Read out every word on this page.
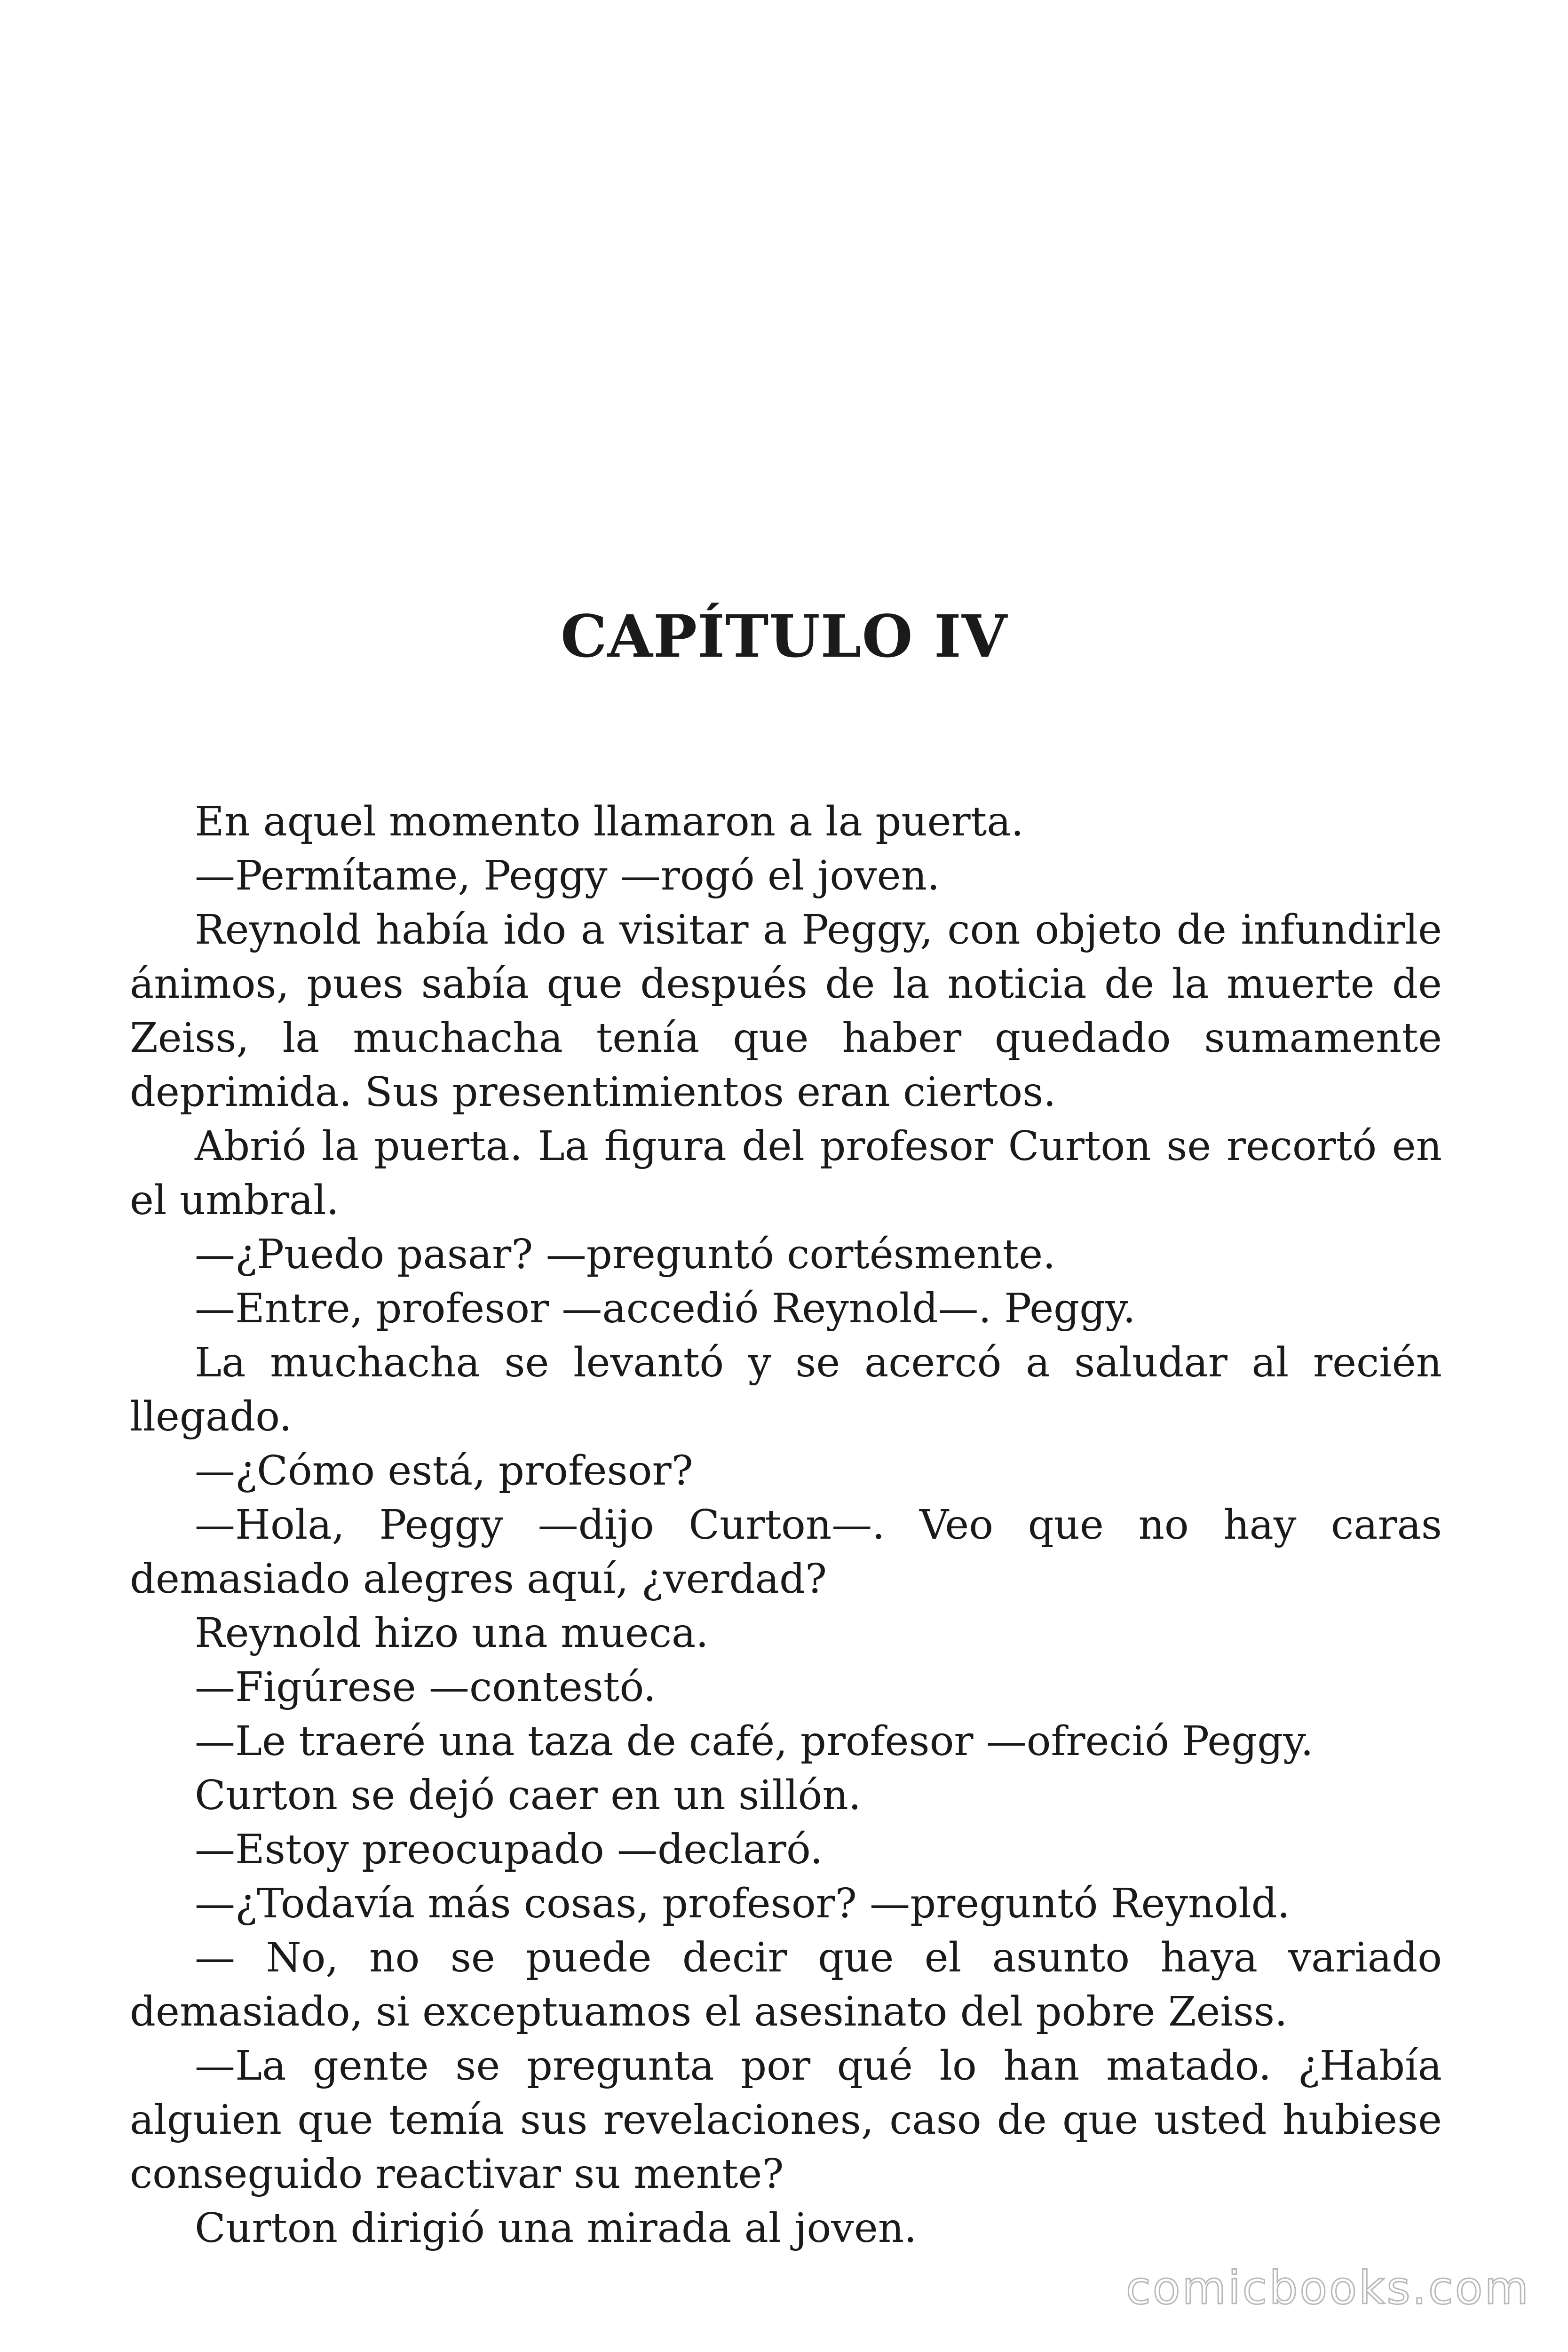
CAPÍTULO IV

En aquel momento llamaron a la puerta.

—Permítame, Peggy —rogó el joven.

Reynold había ido a visitar a Peggy, con objeto de infundirle ánimos, pues sabía que después de la noticia de la muerte de Zeiss, la muchacha tenía que haber quedado sumamente deprimida. Sus presentimientos eran ciertos.

Abrió la puerta. La figura del profesor Curton se recortó en el umbral.

—¿Puedo pasar? —preguntó cortésmente.

—Entre, profesor —accedió Reynold—. Peggy.

La muchacha se levantó y se acercó a saludar al recién llegado.

—¿Cómo está, profesor?

—Hola, Peggy —dijo Curton—. Veo que no hay caras demasiado alegres aquí, ¿verdad?

Reynold hizo una mueca.

—Figúrese —contestó.

—Le traeré una taza de café, profesor —ofreció Peggy.

Curton se dejó caer en un sillón.

—Estoy preocupado —declaró.

—¿Todavía más cosas, profesor? —preguntó Reynold.

— No, no se puede decir que el asunto haya variado demasiado, si exceptuamos el asesinato del pobre Zeiss.

—La gente se pregunta por qué lo han matado. ¿Había alguien que temía sus revelaciones, caso de que usted hubiese conseguido reactivar su mente?

Curton dirigió una mirada al joven.

comicbooks.com
